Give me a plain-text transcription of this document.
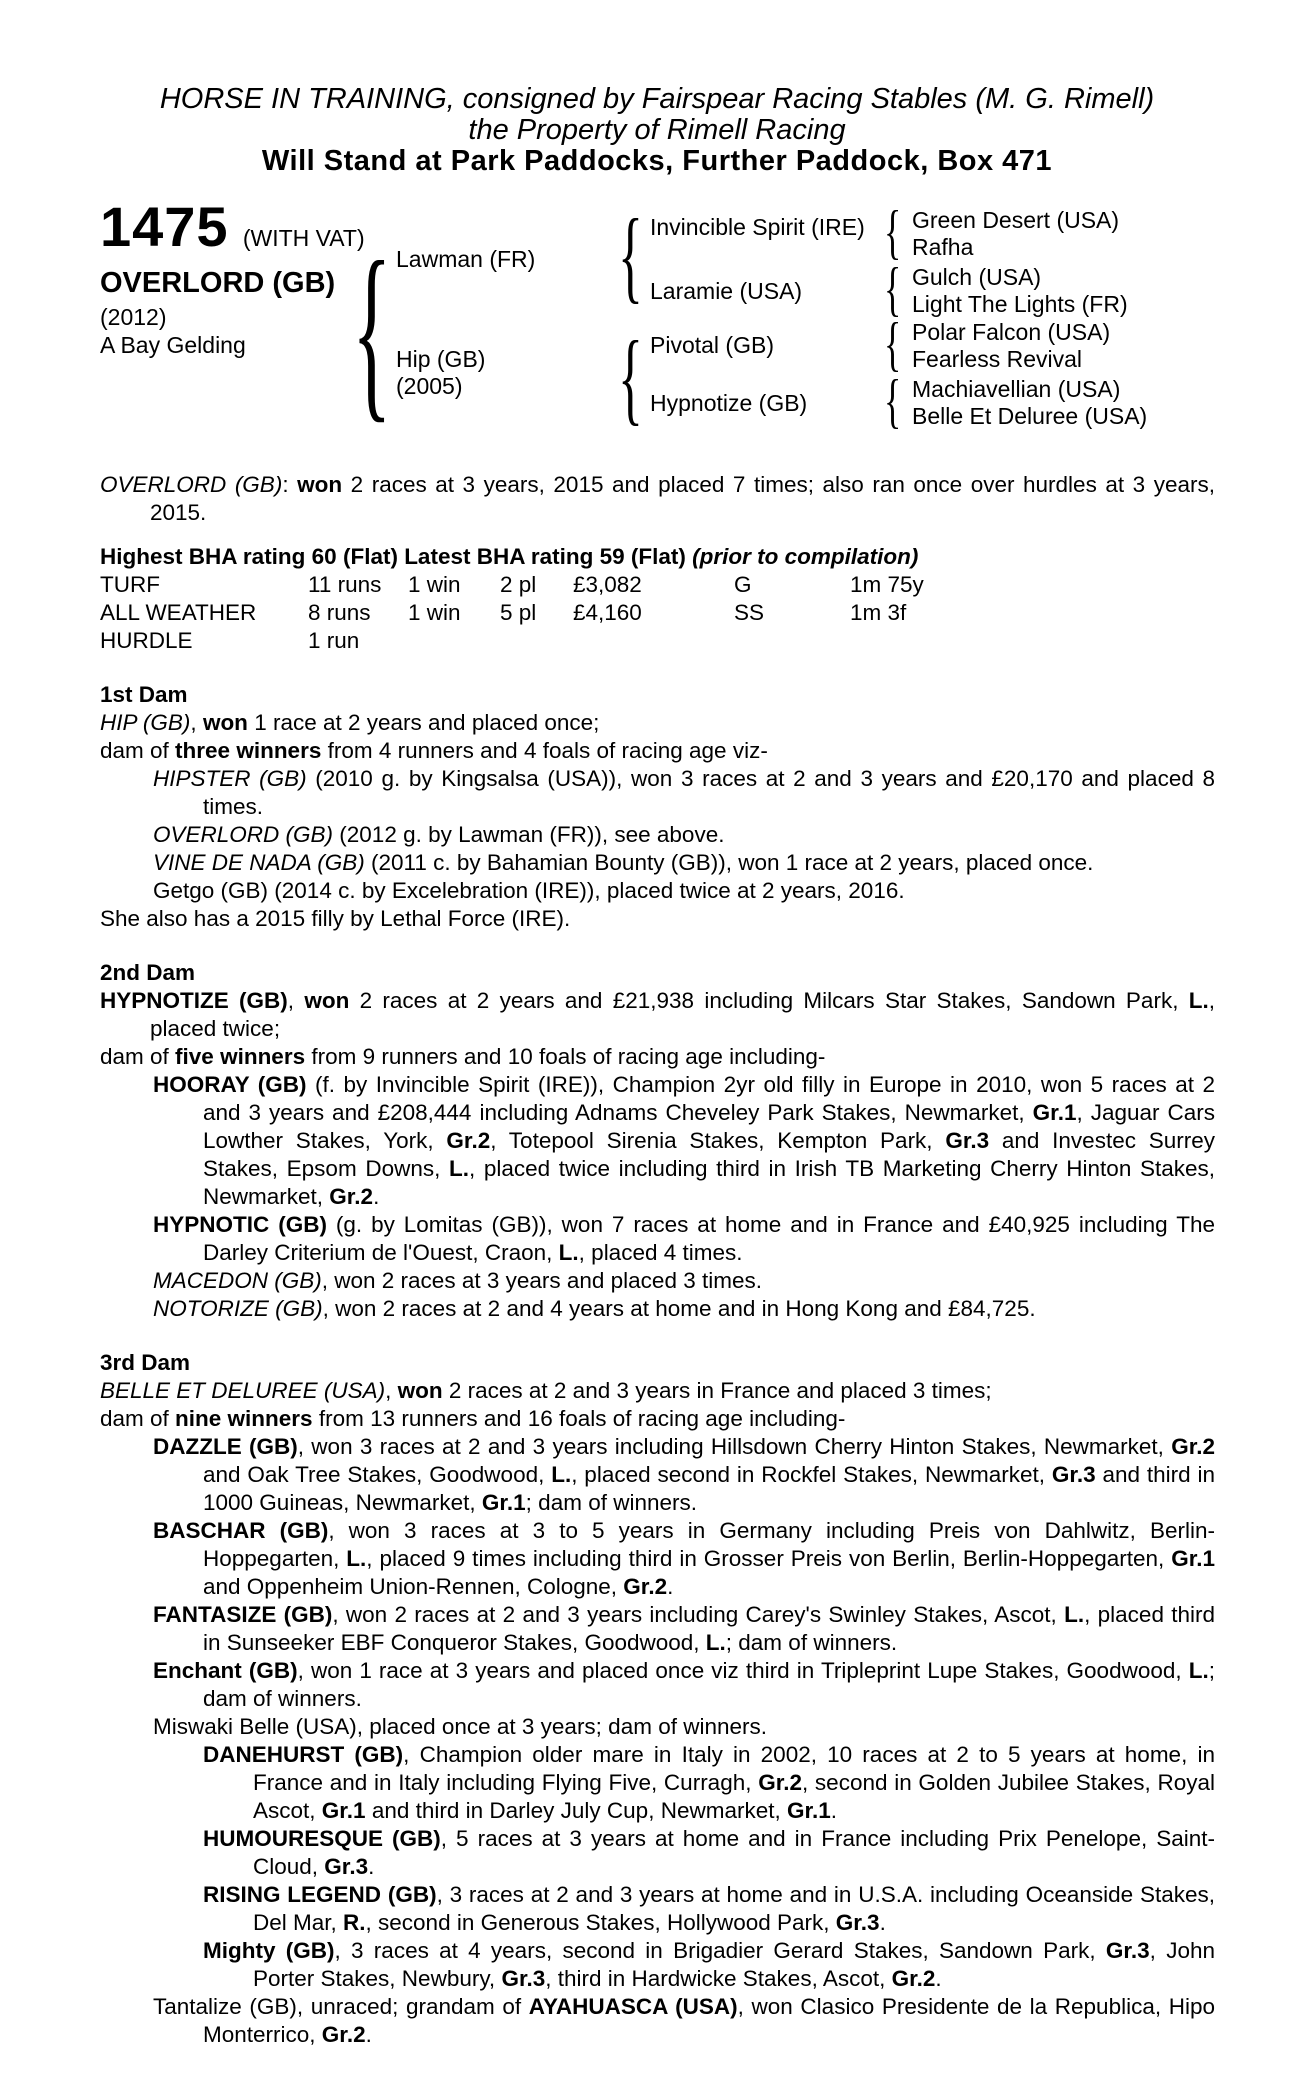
HORSE IN TRAINING, consigned by Fairspear Racing Stables (M. G. Rimell)
the Property of Rimell Racing
Will Stand at Park Paddocks, Further Paddock, Box 471
1475 (WITH VAT)
OVERLORD (GB)
(2012)
A Bay Gelding { Lawman (FR)
Hip (GB)
(2005)
{
{
Invincible Spirit (IRE)
Laramie (USA)
Pivotal (GB)
Hypnotize (GB)
{
{
{
{
Green Desert (USA)
Rafha
Gulch (USA)
Light The Lights (FR)
Polar Falcon (USA)
Fearless Revival
Machiavellian (USA)
Belle Et Deluree (USA)
OVERLORD (GB): won 2 races at 3 years, 2015 and placed 7 times; also ran once over hurdles at 3 years, 2015.
Highest BHA rating 60 (Flat) Latest BHA rating 59 (Flat) (prior to compilation)
TURF	11 runs	1 win	2 pl	£3,082	G	1m 75y
ALL WEATHER	8 runs	1 win	5 pl	£4,160	SS	1m 3f
HURDLE	1 run
1st Dam
HIP (GB), won 1 race at 2 years and placed once;
dam of three winners from 4 runners and 4 foals of racing age viz-
HIPSTER (GB) (2010 g. by Kingsalsa (USA)), won 3 races at 2 and 3 years and £20,170 and placed 8 times.
OVERLORD (GB) (2012 g. by Lawman (FR)), see above.
VINE DE NADA (GB) (2011 c. by Bahamian Bounty (GB)), won 1 race at 2 years, placed once.
Getgo (GB) (2014 c. by Excelebration (IRE)), placed twice at 2 years, 2016.
She also has a 2015 filly by Lethal Force (IRE).
2nd Dam
HYPNOTIZE (GB), won 2 races at 2 years and £21,938 including Milcars Star Stakes, Sandown Park, L., placed twice;
dam of five winners from 9 runners and 10 foals of racing age including-
HOORAY (GB) (f. by Invincible Spirit (IRE)), Champion 2yr old filly in Europe in 2010, won 5 races at 2 and 3 years and £208,444 including Adnams Cheveley Park Stakes, Newmarket, Gr.1, Jaguar Cars Lowther Stakes, York, Gr.2, Totepool Sirenia Stakes, Kempton Park, Gr.3 and Investec Surrey Stakes, Epsom Downs, L., placed twice including third in Irish TB Marketing Cherry Hinton Stakes, Newmarket, Gr.2.
HYPNOTIC (GB) (g. by Lomitas (GB)), won 7 races at home and in France and £40,925 including The Darley Criterium de l'Ouest, Craon, L., placed 4 times.
MACEDON (GB), won 2 races at 3 years and placed 3 times.
NOTORIZE (GB), won 2 races at 2 and 4 years at home and in Hong Kong and £84,725.
3rd Dam
BELLE ET DELUREE (USA), won 2 races at 2 and 3 years in France and placed 3 times;
dam of nine winners from 13 runners and 16 foals of racing age including-
DAZZLE (GB), won 3 races at 2 and 3 years including Hillsdown Cherry Hinton Stakes, Newmarket, Gr.2 and Oak Tree Stakes, Goodwood, L., placed second in Rockfel Stakes, Newmarket, Gr.3 and third in 1000 Guineas, Newmarket, Gr.1; dam of winners.
BASCHAR (GB), won 3 races at 3 to 5 years in Germany including Preis von Dahlwitz, Berlin-Hoppegarten, L., placed 9 times including third in Grosser Preis von Berlin, Berlin-Hoppegarten, Gr.1 and Oppenheim Union-Rennen, Cologne, Gr.2.
FANTASIZE (GB), won 2 races at 2 and 3 years including Carey's Swinley Stakes, Ascot, L., placed third in Sunseeker EBF Conqueror Stakes, Goodwood, L.; dam of winners.
Enchant (GB), won 1 race at 3 years and placed once viz third in Tripleprint Lupe Stakes, Goodwood, L.; dam of winners.
Miswaki Belle (USA), placed once at 3 years; dam of winners.
DANEHURST (GB), Champion older mare in Italy in 2002, 10 races at 2 to 5 years at home, in France and in Italy including Flying Five, Curragh, Gr.2, second in Golden Jubilee Stakes, Royal Ascot, Gr.1 and third in Darley July Cup, Newmarket, Gr.1.
HUMOURESQUE (GB), 5 races at 3 years at home and in France including Prix Penelope, Saint-Cloud, Gr.3.
RISING LEGEND (GB), 3 races at 2 and 3 years at home and in U.S.A. including Oceanside Stakes, Del Mar, R., second in Generous Stakes, Hollywood Park, Gr.3.
Mighty (GB), 3 races at 4 years, second in Brigadier Gerard Stakes, Sandown Park, Gr.3, John Porter Stakes, Newbury, Gr.3, third in Hardwicke Stakes, Ascot, Gr.2.
Tantalize (GB), unraced; grandam of AYAHUASCA (USA), won Clasico Presidente de la Republica, Hipo Monterrico, Gr.2.
